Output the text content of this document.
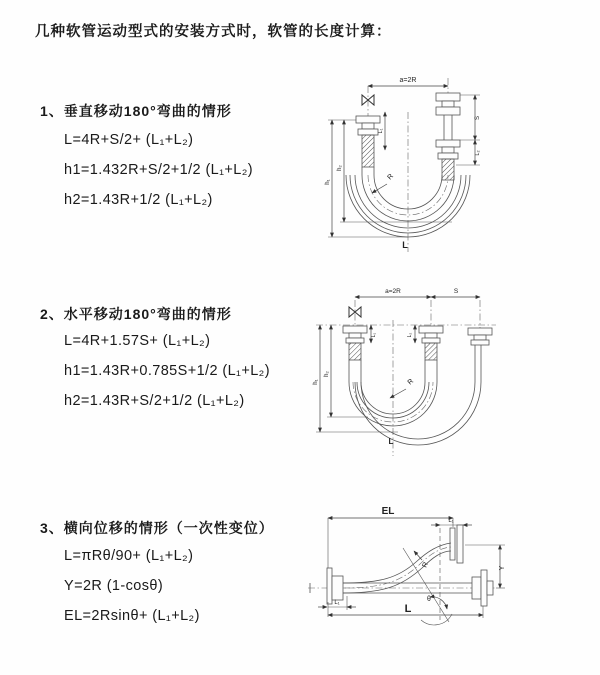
几种软管运动型式的安装方式时，软管的长度计算：
1、垂直移动180°弯曲的情形
L=4R+S/2+ (L₁+L₂)
h1=1.432R+S/2+1/2 (L₁+L₂)
h2=1.43R+1/2 (L₁+L₂)
2、水平移动180°弯曲的情形
L=4R+1.57S+ (L₁+L₂)
h1=1.43R+0.785S+1/2 (L₁+L₂)
h2=1.43R+S/2+1/2 (L₁+L₂)
3、横向位移的情形（一次性变位）
L=πRθ/90+ (L₁+L₂)
Y=2R (1-cosθ)
EL=2Rsinθ+ (L₁+L₂)
a=2R
R
h₁
h₂
L₁
S
L₂
L
a=2R	S
R
h₁
h₂
L₁	L₂
L
EL
L₁
Y
R
θ
L₁	L
